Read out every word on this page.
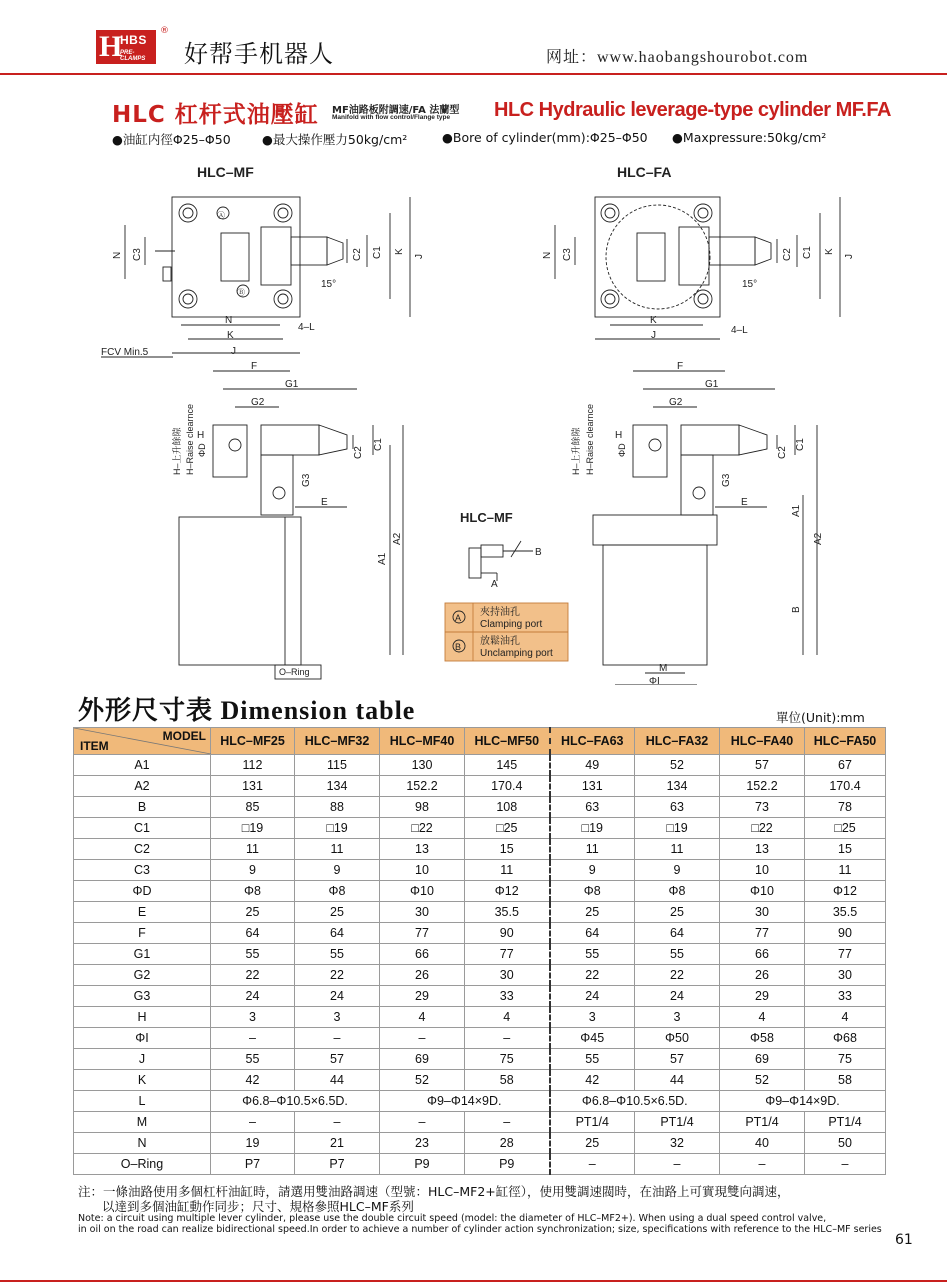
H
HBS
PRE-CLAMPS
®
好帮手机器人	网址：www.haobangshourobot.com
HLC 杠杆式油壓缸 MF油路板附調速/FA 法蘭型
Manifold with flow control/Flange type HLC Hydraulic leverage-type cylinder MF.FA
●油缸内徑Φ25–Φ50	●最大操作壓力50kg/cm²	●Bore of cylinder(mm):Φ25–Φ50 ●Maxpressure:50kg/cm²
HLC–MF
Ⓐ
Ⓑ
N C3	C2 C1 K
J
15°
N
K
J
4–L
FCV Min.5
HLC–FA
N C3	C2 C1 K
J
15°
K
J	4–L
H–上升餘隙 H–Raise clearnce
F
G1
G2
H
ΦD	C2
C1
G3
E
A1
A2
O–Ring
HLC–MF
B
A
A
B
夾持油孔
Clamping port
放鬆油孔
Unclamping port
H–上升餘隙 H–Raise clearnce
F
G1
G2
H
ΦD	C2
C1
G3
E
A1
A2
B
M
ΦI
外形尺寸表 Dimension table	單位(Unit):mm
MODEL
ITEM	HLC–MF25	HLC–MF32	HLC–MF40	HLC–MF50	HLC–FA63	HLC–FA32	HLC–FA40	HLC–FA50
A1	112	115	130	145	49	52	57	67
A2	131	134	152.2	170.4	131	134	152.2	170.4
B	85	88	98	108	63	63	73	78
C1	□19	□19	□22	□25	□19	□19	□22	□25
C2	11	11	13	15	11	11	13	15
C3	9	9	10	11	9	9	10	11
ΦD	Φ8	Φ8	Φ10	Φ12	Φ8	Φ8	Φ10	Φ12
E	25	25	30	35.5	25	25	30	35.5
F	64	64	77	90	64	64	77	90
G1	55	55	66	77	55	55	66	77
G2	22	22	26	30	22	22	26	30
G3	24	24	29	33	24	24	29	33
H	3	3	4	4	3	3	4	4
ΦI	–	–	–	–	Φ45	Φ50	Φ58	Φ68
J	55	57	69	75	55	57	69	75
K	42	44	52	58	42	44	52	58
L	Φ6.8–Φ10.5×6.5D.		Φ9–Φ14×9D.		Φ6.8–Φ10.5×6.5D.		Φ9–Φ14×9D.	
M	–	–	–	–	PT1/4	PT1/4	PT1/4	PT1/4
N	19	21	23	28	25	32	40	50
O–Ring	P7	P7	P9	P9	–	–	–	–
注：一條油路使用多個杠杆油缸時，請選用雙油路調速（型號：HLC–MF2+缸徑），使用雙調速閥時，在油路上可實現雙向調速，
以達到多個油缸動作同步；尺寸、規格參照HLC–MF系列
Note: a circuit using multiple lever cylinder, please use the double circuit speed (model: the diameter of HLC–MF2+). When using a dual speed control valve,
in oil on the road can realize bidirectional speed.In order to achieve a number of cylinder action synchronization; size, specifications with reference to the HLC–MF series
61
